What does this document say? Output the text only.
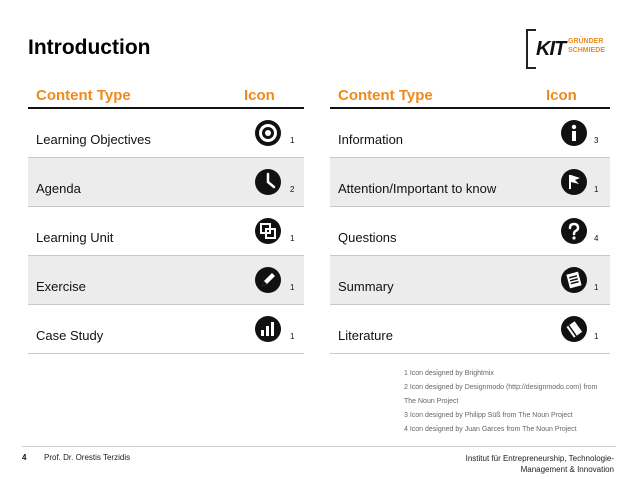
Introduction	KIT GRÜNDER
SCHMIEDE
Content Type	Icon
Learning Objectives	1
Agenda	2
Learning Unit	1
Exercise	1
Case Study	1
Content Type	Icon
Information	3
Attention/Important to know	1
Questions	4
Summary	1
Literature	1
1 Icon designed by Brightmix
2 Icon designed by Designmodo (http://designmodo.com) from
The Noun Project
3 Icon designed by Philipp Süß from The Noun Project
4 Icon designed by Juan Garces from The Noun Project
4 Prof. Dr. Orestis Terzidis	Institut für Entrepreneurship, Technologie-
Management & Innovation
